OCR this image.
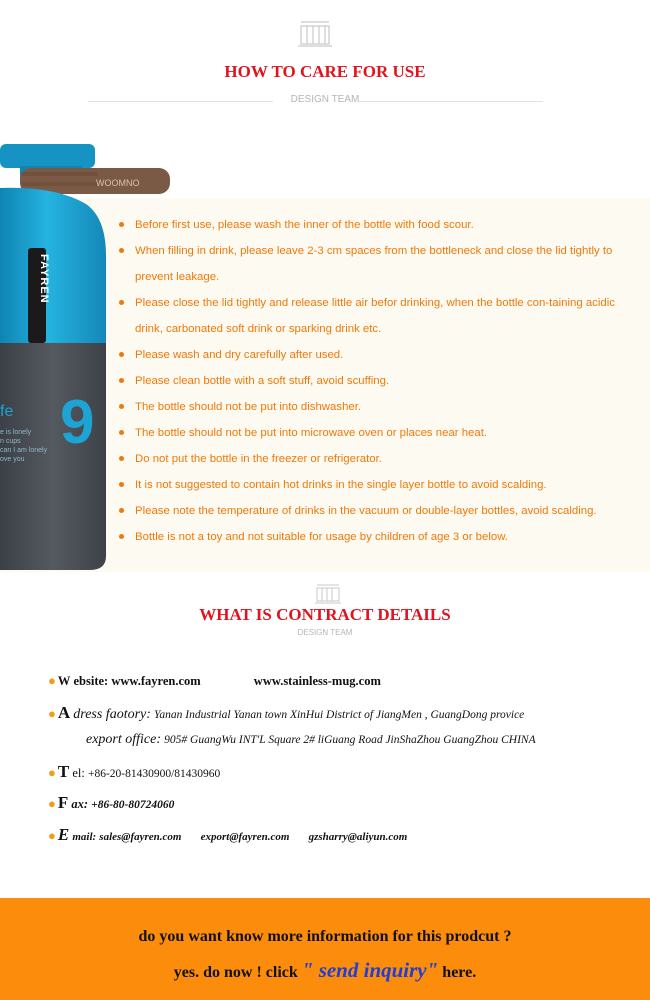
HOW TO CARE FOR USE
DESIGN TEAM
Before first use, please wash the inner of the bottle with food scour.
When filling in drink, please leave 2-3 cm spaces from the bottleneck and close the lid tightly to
prevent leakage.
Please close the lid tightly and release little air befor drinking, when the bottle con-taining acidic
drink, carbonated soft drink or sparking drink etc.
Please wash and dry carefully after used.
Please clean bottle with a soft stuff, avoid scuffing.
The bottle should not be put into dishwasher.
The bottle should not be put into microwave oven or places near heat.
Do not put the bottle in the freezer or refrigerator.
It is not suggested to contain hot drinks in the single layer bottle to avoid scalding.
Please note the temperature of drinks in the vacuum or double-layer bottles, avoid scalding.
Bottle is not a toy and not suitable for usage by children of age 3 or below.
WOOMNO
FAYREN
9
fe
e is lonely
n cups
can I am lonely
ove you
WHAT IS CONTRACT DETAILS
DESIGN TEAM
● W ebsite: www.fayren.com	www.stainless-mug.com
● A dress faotory: Yanan Industrial Yanan town XinHui District of JiangMen , GuangDong provice
export office: 905# GuangWu INT'L Square 2# liGuang Road JinShaZhou GuangZhou CHINA
● T el: +86-20-81430900/81430960
● F ax: +86-80-80724060
● E mail: sales@fayren.com export@fayren.com gzsharry@aliyun.com
do you want know more information for this prodcut ?
yes. do now ! click " send inquiry" here.
